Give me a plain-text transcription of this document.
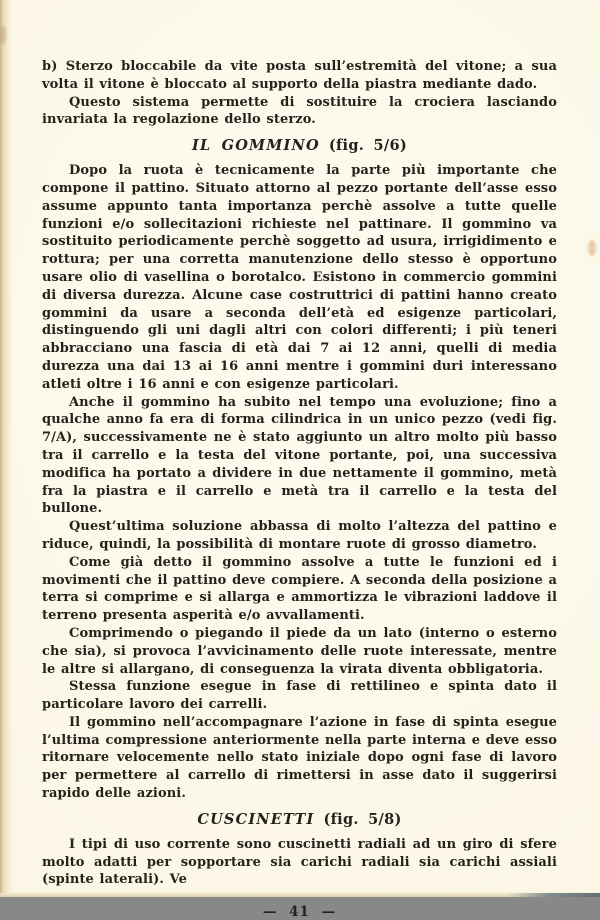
b) Sterzo bloccabile da vite posta sull’estremità del vitone; a sua volta il vitone è bloccato al supporto della piastra mediante dado.

Questo sistema permette di sostituire la crociera lasciando invariata la regolazione dello sterzo.

IL GOMMINO (fig. 5/6)

Dopo la ruota è tecnicamente la parte più importante che compone il pattino. Situato attorno al pezzo portante dell’asse esso assume appunto tanta importanza perchè assolve a tutte quelle funzioni e/o sollecitazioni richieste nel pattinare. Il gommino va sostituito periodicamente perchè soggetto ad usura, irrigidimento e rottura; per una corretta manutenzione dello stesso è opportuno usare olio di vasellina o borotalco. Esistono in commercio gommini di diversa durezza. Alcune case costruttrici di pattini hanno creato gommini da usare a seconda dell’età ed esigenze particolari, distinguendo gli uni dagli altri con colori differenti; i più teneri abbracciano una fascia di età dai 7 ai 12 anni, quelli di media durezza una dai 13 ai 16 anni mentre i gommini duri interessano atleti oltre i 16 anni e con esigenze particolari.

Anche il gommino ha subito nel tempo una evoluzione; fino a qualche anno fa era di forma cilindrica in un unico pezzo (vedi fig. 7/A), successivamente ne è stato aggiunto un altro molto più basso tra il carrello e la testa del vitone portante, poi, una successiva modifica ha portato a dividere in due nettamente il gommino, metà fra la piastra e il carrello e metà tra il carrello e la testa del bullone.

Quest’ultima soluzione abbassa di molto l’altezza del pattino e riduce, quindi, la possibilità di montare ruote di grosso diametro.

Come già detto il gommino assolve a tutte le funzioni ed i movimenti che il pattino deve compiere. A seconda della posizione a terra si comprime e si allarga e ammortizza le vibrazioni laddove il terreno presenta asperità e/o avvallamenti.

Comprimendo o piegando il piede da un lato (interno o esterno che sia), si provoca l’avvicinamento delle ruote interessate, mentre le altre si allargano, di conseguenza la virata diventa obbligatoria.

Stessa funzione esegue in fase di rettilineo e spinta dato il particolare lavoro dei carrelli.

Il gommino nell’accompagnare l’azione in fase di spinta esegue l’ultima compressione anteriormente nella parte interna e deve esso ritornare velocemente nello stato iniziale dopo ogni fase di lavoro per permettere al carrello di rimettersi in asse dato il suggerirsi rapido delle azioni.

CUSCINETTI (fig. 5/8)

I tipi di uso corrente sono cuscinetti radiali ad un giro di sfere molto adatti per sopportare sia carichi radiali sia carichi assiali (spinte laterali). Ve

— 41 —
